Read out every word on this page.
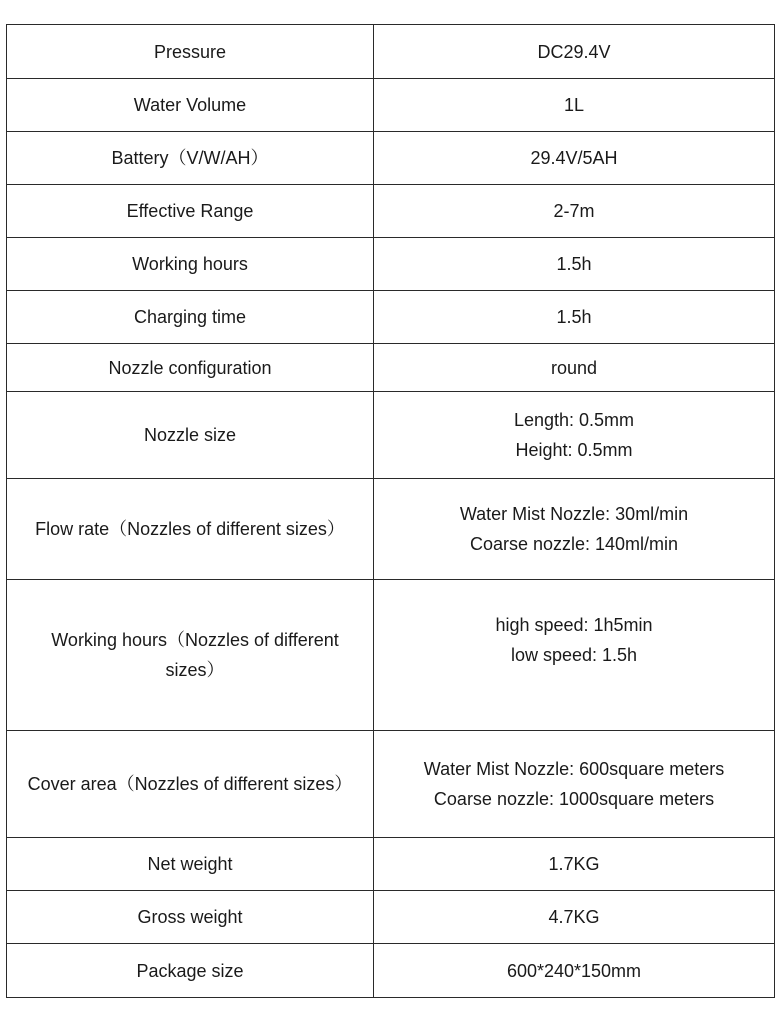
Pressure	DC29.4V

Water Volume	1L

Battery（V/W/AH）	29.4V/5AH

Effective Range	2-7m

Working hours	1.5h

Charging time	1.5h

Nozzle configuration	round

Nozzle size	Length: 0.5mm
Height: 0.5mm

Flow rate（Nozzles of different sizes）	Water Mist Nozzle: 30ml/min
Coarse nozzle: 140ml/min

Working hours（Nozzles of different sizes）	high speed: 1h5min
low speed: 1.5h

Cover area（Nozzles of different sizes）	Water Mist Nozzle: 600square meters
Coarse nozzle: 1000square meters

Net weight	1.7KG

Gross weight	4.7KG

Package size	600*240*150mm
